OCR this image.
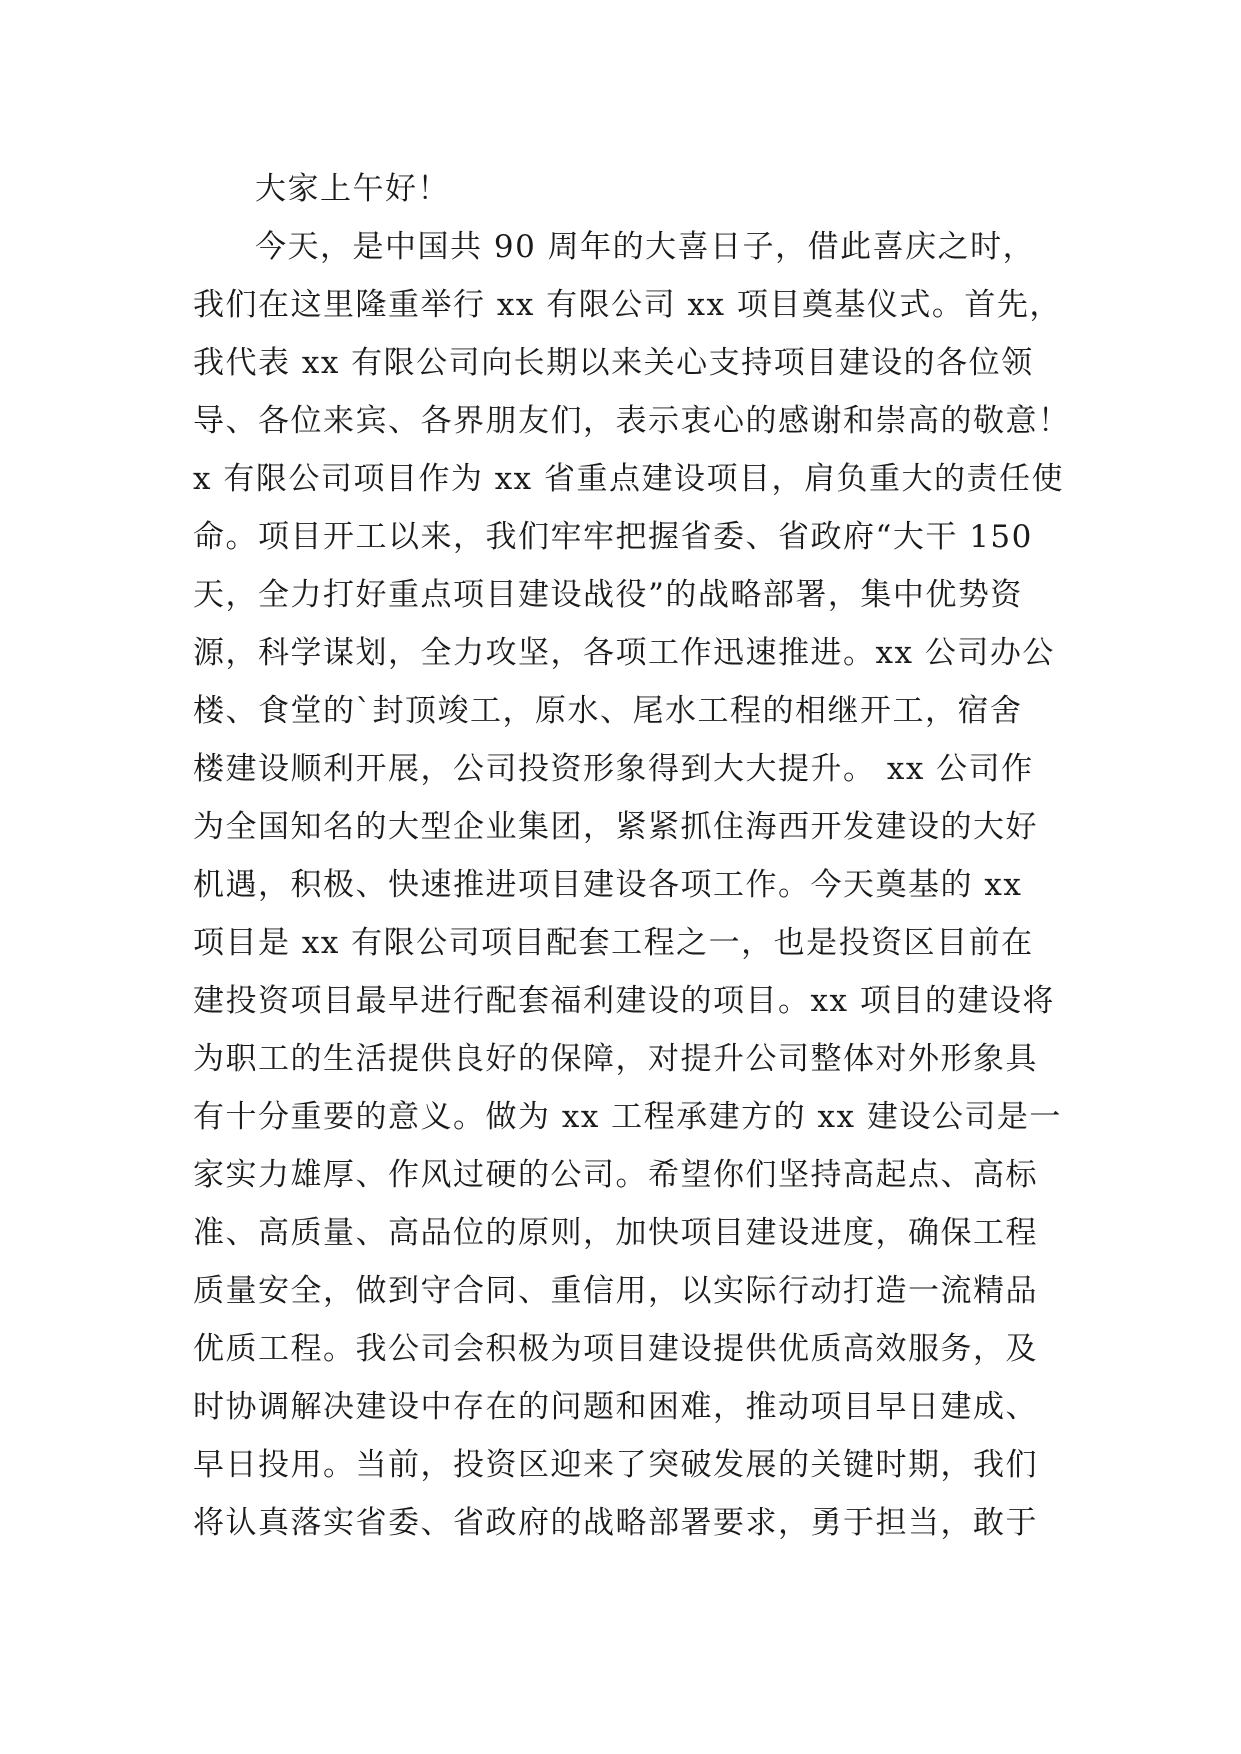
大家上午好！
今天，是中国共 90 周年的大喜日子，借此喜庆之时，
我们在这里隆重举行 xx 有限公司 xx 项目奠基仪式。首先，
我代表 xx 有限公司向长期以来关心支持项目建设的各位领
导、各位来宾、各界朋友们，表示衷心的感谢和崇高的敬意！
x 有限公司项目作为 xx 省重点建设项目，肩负重大的责任使
命。项目开工以来，我们牢牢把握省委、省政府“大干 150
天，全力打好重点项目建设战役”的战略部署，集中优势资
源，科学谋划，全力攻坚，各项工作迅速推进。xx 公司办公
楼、食堂的`封顶竣工，原水、尾水工程的相继开工，宿舍
楼建设顺利开展，公司投资形象得到大大提升。 xx 公司作
为全国知名的大型企业集团，紧紧抓住海西开发建设的大好
机遇，积极、快速推进项目建设各项工作。今天奠基的 xx
项目是 xx 有限公司项目配套工程之一，也是投资区目前在
建投资项目最早进行配套福利建设的项目。xx 项目的建设将
为职工的生活提供良好的保障，对提升公司整体对外形象具
有十分重要的意义。做为 xx 工程承建方的 xx 建设公司是一
家实力雄厚、作风过硬的公司。希望你们坚持高起点、高标
准、高质量、高品位的原则，加快项目建设进度，确保工程
质量安全，做到守合同、重信用，以实际行动打造一流精品
优质工程。我公司会积极为项目建设提供优质高效服务，及
时协调解决建设中存在的问题和困难，推动项目早日建成、
早日投用。当前，投资区迎来了突破发展的关键时期，我们
将认真落实省委、省政府的战略部署要求，勇于担当，敢于
